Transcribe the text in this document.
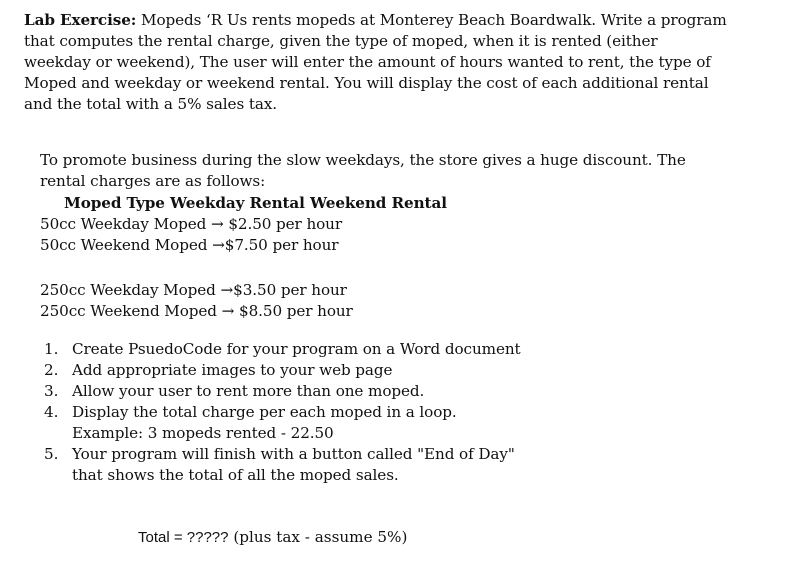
Lab Exercise: Mopeds ‘R Us rents mopeds at Monterey Beach Boardwalk. Write a program that computes the rental charge, given the type of moped, when it is rented (either weekday or weekend), The user will enter the amount of hours wanted to rent, the type of Moped and weekday or weekend rental. You will display the cost of each additional rental and the total with a 5% sales tax.
To promote business during the slow weekdays, the store gives a huge discount. The rental charges are as follows:
Moped Type Weekday Rental Weekend Rental
50cc Weekday Moped → $2.50 per hour
50cc Weekend Moped →$7.50 per hour
250cc Weekday Moped →$3.50 per hour
250cc Weekend Moped → $8.50 per hour
1. Create PsuedoCode for your program on a Word document
2. Add appropriate images to your web page
3. Allow your user to rent more than one moped.
4. Display the total charge per each moped in a loop.
Example: 3 mopeds rented - 22.50
5. Your program will finish with a button called "End of Day"
that shows the total of all the moped sales.
Total = ????? (plus tax - assume 5%)
